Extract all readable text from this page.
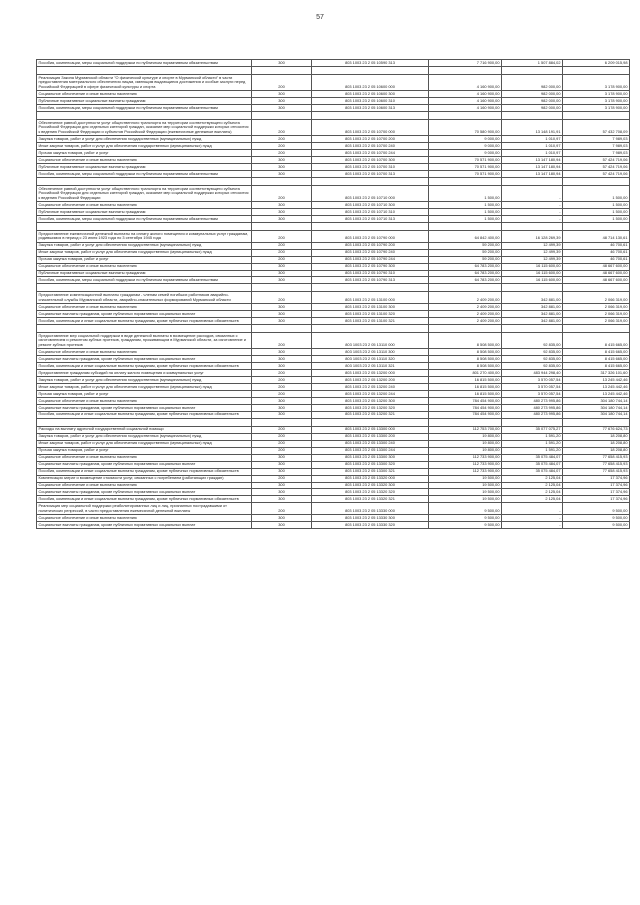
57
Пособия, компенсации, меры социальной поддержки по публичным нормативным обязательствам	300	803 1003 23 2 05 10590 313	7 716 900,00	1 507 884,02	6 209 015,98

Реализация Закона Мурманской области "О физической культуре и спорте в Мурманской области" в части предоставления материального обеспечения лицам, имеющим выдающиеся достижения и особые заслуги перед Российской Федерацией в сфере физической культуры и спорта	200	803 1003 23 2 05 10600 000	4 160 900,00	982 000,00	3 178 900,00
Социальное обеспечение и иные выплаты населению	300	803 1003 23 2 05 10600 300	4 160 900,00	982 000,00	3 178 900,00
Публичные нормативные социальные выплаты гражданам	300	803 1003 23 2 05 10600 310	4 160 900,00	982 000,00	3 178 900,00
Пособия, компенсации, меры социальной поддержки по публичным нормативным обязательствам	300	803 1003 23 2 05 10600 313	4 160 900,00	982 000,00	3 178 900,00

Обеспечение равной доступности услуг общественного транспорта на территории соответствующего субъекта Российской Федерации для отдельных категорий граждан, оказание мер социальной поддержки которых относится к ведению Российской Федерации и субъектов Российской Федерации (ежемесячные денежные выплаты)	200	803 1003 23 2 05 10700 000	70 580 900,00	13 148 191,91	57 432 708,09
Закупка товаров, работ и услуг для обеспечения государственных (муниципальных) нужд	200	803 1003 23 2 05 10700 200	9 000,00	1 010,97	7 989,03
Иные закупки товаров, работ и услуг для обеспечения государственных (муниципальных) нужд	200	803 1003 23 2 05 10700 240	9 000,00	1 010,97	7 989,03
Прочая закупка товаров, работ и услуг	200	803 1003 23 2 05 10700 244	9 000,00	1 010,97	7 989,03
Социальное обеспечение и иные выплаты населению	300	803 1003 23 2 05 10700 300	70 571 900,00	13 147 180,94	57 424 719,06
Публичные нормативные социальные выплаты гражданам	300	803 1003 23 2 05 10700 310	70 571 900,00	13 147 180,94	57 424 719,06
Пособия, компенсации, меры социальной поддержки по публичным нормативным обязательствам	300	803 1003 23 2 05 10700 313	70 571 900,00	13 147 180,94	57 424 719,06

Обеспечение равной доступности услуг общественного транспорта на территории соответствующего субъекта Российской Федерации для отдельных категорий граждан, оказание мер социальной поддержки которых относится к ведению Российской Федерации	200	803 1003 23 2 05 10710 000	1 500,00	-	1 500,00
Социальное обеспечение и иные выплаты населению	300	803 1003 23 2 05 10710 300	1 500,00	-	1 500,00
Публичные нормативные социальные выплаты гражданам	300	803 1003 23 2 05 10710 310	1 500,00	-	1 500,00
Пособия, компенсации, меры социальной поддержки по публичным нормативным обязательствам	300	803 1003 23 2 05 10710 313	1 500,00	-	1 500,00

Предоставление ежемесячной денежной выплаты на оплату жилого помещения и коммунальных услуг гражданам, родившимся в период с 23 июня 1923 года по 3 сентября 1945 года	200	803 1003 23 2 05 10790 000	64 842 400,00	16 128 269,39	48 714 130,61
Закупка товаров, работ и услуг для обеспечения государственных (муниципальных) нужд	200	803 1003 23 2 05 10790 200	59 200,00	12 499,39	46 700,61
Иные закупки товаров, работ и услуг для обеспечения государственных (муниципальных) нужд	200	803 1003 23 2 05 10790 240	59 200,00	12 499,39	46 700,61
Прочая закупка товаров, работ и услуг	200	803 1003 23 2 05 10790 244	59 200,00	12 499,39	46 700,61
Социальное обеспечение и иные выплаты населению	300	803 1003 23 2 05 10790 300	64 783 200,00	16 115 600,00	48 667 600,00
Публичные нормативные социальные выплаты гражданам	300	803 1003 23 2 05 10790 310	64 783 200,00	16 115 600,00	48 667 600,00
Пособия, компенсации, меры социальной поддержки по публичным нормативным обязательствам	300	803 1003 23 2 05 10790 313	64 783 200,00	16 115 600,00	48 667 600,00

Предоставление компенсационной выплаты гражданам - членам семей погибших работников аварийно-спасательной службы Мурманской области, аварийно-спасательных формирований Мурманской области	200	803 1003 23 2 05 13100 000	2 409 200,00	342 881,00	2 066 319,00
Социальное обеспечение и иные выплаты населению	300	803 1003 23 2 05 13100 300	2 409 200,00	342 881,00	2 066 319,00
Социальные выплаты гражданам, кроме публичных нормативных социальных выплат	300	803 1003 23 2 05 13100 320	2 409 200,00	342 881,00	2 066 319,00
Пособия, компенсации и иные социальные выплаты гражданам, кроме публичных нормативных обязательств	300	803 1003 23 2 05 13100 321	2 409 200,00	342 881,00	2 066 319,00

Предоставление мер социальной поддержки в виде денежной выплаты в возмещение расходов, связанных с изготовлением и ремонтом зубных протезов, гражданам, проживающим в Мурманской области, за изготовление и ремонт зубных протезов	200	803 1003 23 2 05 13110 000	8 508 500,00	92 835,00	8 415 665,00
Социальное обеспечение и иные выплаты населению	300	803 1003 23 2 05 13110 300	8 508 500,00	92 835,00	8 415 665,00
Социальные выплаты гражданам, кроме публичных нормативных социальных выплат	300	803 1003 23 2 05 13110 320	8 508 500,00	92 835,00	8 415 665,00
Пособия, компенсации и иные социальные выплаты гражданам, кроме публичных нормативных обязательств	300	803 1003 23 2 05 13110 321	8 508 500,00	92 835,00	8 415 665,00
Предоставление гражданам субсидий на оплату жилого помещения и коммунальных услуг	200	803 1003 23 2 05 13200 000	801 270 400,00	483 944 298,40	317 326 101,60
Закупка товаров, работ и услуг для обеспечения государственных (муниципальных) нужд	200	803 1003 23 2 05 13200 200	16 815 500,00	3 570 057,54	13 245 442,46
Иные закупки товаров, работ и услуг для обеспечения государственных (муниципальных) нужд	200	803 1003 23 2 05 13200 240	16 815 500,00	3 570 057,54	13 245 442,46
Прочая закупка товаров, работ и услуг	200	803 1003 23 2 05 13200 244	16 815 500,00	3 570 057,54	13 245 442,46
Социальное обеспечение и иные выплаты населению	300	803 1003 23 2 05 13200 300	784 454 900,00	480 273 995,86	304 180 744,14
Социальные выплаты гражданам, кроме публичных нормативных социальных выплат	300	803 1003 23 2 05 13200 320	784 454 900,00	480 273 995,86	304 180 744,14
Пособия, компенсации и иные социальные выплаты гражданам, кроме публичных нормативных обязательств	300	803 1003 23 2 05 13200 321	784 454 900,00	480 273 995,86	304 180 744,14

Расходы на выплату адресной государственной социальной помощи	200	803 1003 23 2 05 13300 000	112 753 700,00	35 077 075,27	77 676 624,73
Закупка товаров, работ и услуг для обеспечения государственных (муниципальных) нужд	200	803 1003 23 2 05 13300 200	19 800,00	1 591,20	18 208,80
Иные закупки товаров, работ и услуг для обеспечения государственных (муниципальных) нужд	200	803 1003 23 2 05 13300 240	19 800,00	1 591,20	18 208,80
Прочая закупка товаров, работ и услуг	200	803 1003 23 2 05 13300 244	19 800,00	1 591,20	18 208,80
Социальное обеспечение и иные выплаты населению	300	803 1003 23 2 05 13300 300	112 733 900,00	35 075 484,07	77 658 415,93
Социальные выплаты гражданам, кроме публичных нормативных социальных выплат	300	803 1003 23 2 05 13300 320	112 733 900,00	35 075 484,07	77 658 415,93
Пособия, компенсации и иные социальные выплаты гражданам, кроме публичных нормативных обязательств	300	803 1003 23 2 05 13300 321	112 733 900,00	35 075 484,07	77 658 415,93
Компенсация затрат и возмещение стоимости услуг, связанных с погребением (работающих граждан)	200	803 1003 23 2 05 13320 000	19 500,00	2 125,04	17 374,96
Социальное обеспечение и иные выплаты населению	300	803 1003 23 2 05 13320 300	19 500,00	2 125,04	17 374,96
Социальные выплаты гражданам, кроме публичных нормативных социальных выплат	300	803 1003 23 2 05 13320 320	19 500,00	2 125,04	17 374,96
Пособия, компенсации и иные социальные выплаты гражданам, кроме публичных нормативных обязательств	300	803 1003 23 2 05 13320 321	19 500,00	2 125,04	17 374,96
Реализация мер социальной поддержки реабилитированных лиц и лиц, признанных пострадавшими от политических репрессий, в части предоставления ежемесячной денежной выплаты	200	803 1003 23 2 05 13330 000	9 500,00	-	9 500,00
Социальное обеспечение и иные выплаты населению	300	803 1003 23 2 05 13330 300	9 500,00	-	9 500,00
Социальные выплаты гражданам, кроме публичных нормативных социальных выплат	300	803 1003 23 2 05 13330 320	9 500,00	-	9 500,00
